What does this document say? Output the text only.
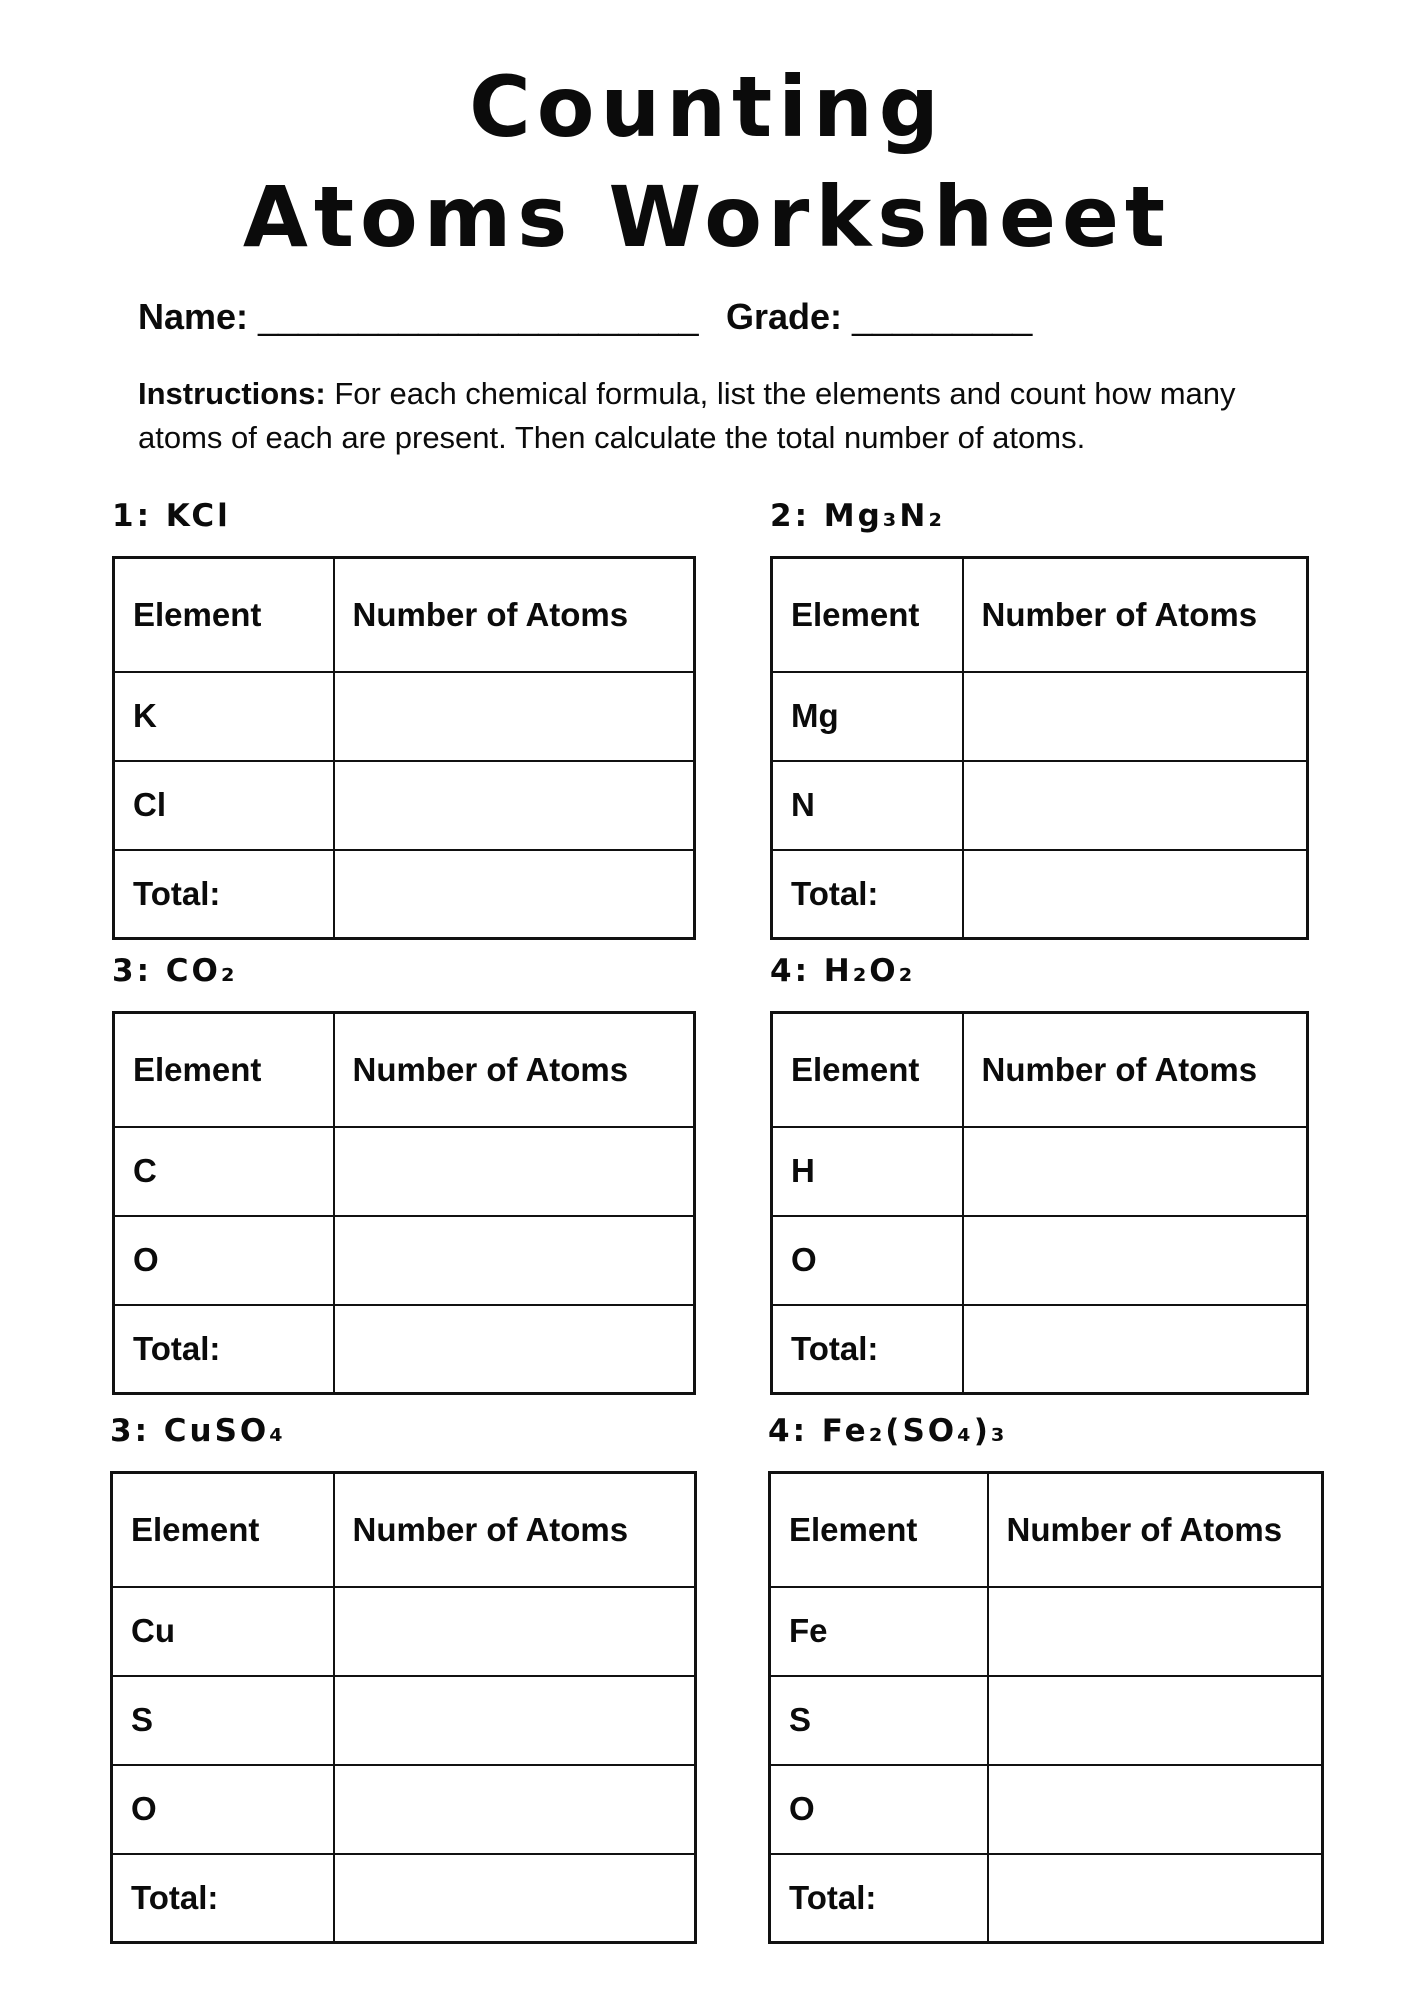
Counting
Atoms Worksheet
Name: ______________________ Grade: _________
Instructions: For each chemical formula, list the elements and count how many atoms of each are present. Then calculate the total number of atoms.
1: KCl
Element	Number of Atoms
K	
Cl	
Total:	
2: Mg₃N₂
Element	Number of Atoms
Mg	
N	
Total:	
3: CO₂
Element	Number of Atoms
C	
O	
Total:	
4: H₂O₂
Element	Number of Atoms
H	
O	
Total:	
3: CuSO₄
Element	Number of Atoms
Cu	
S	
O	
Total:	
4: Fe₂(SO₄)₃
Element	Number of Atoms
Fe	
S	
O	
Total:	
